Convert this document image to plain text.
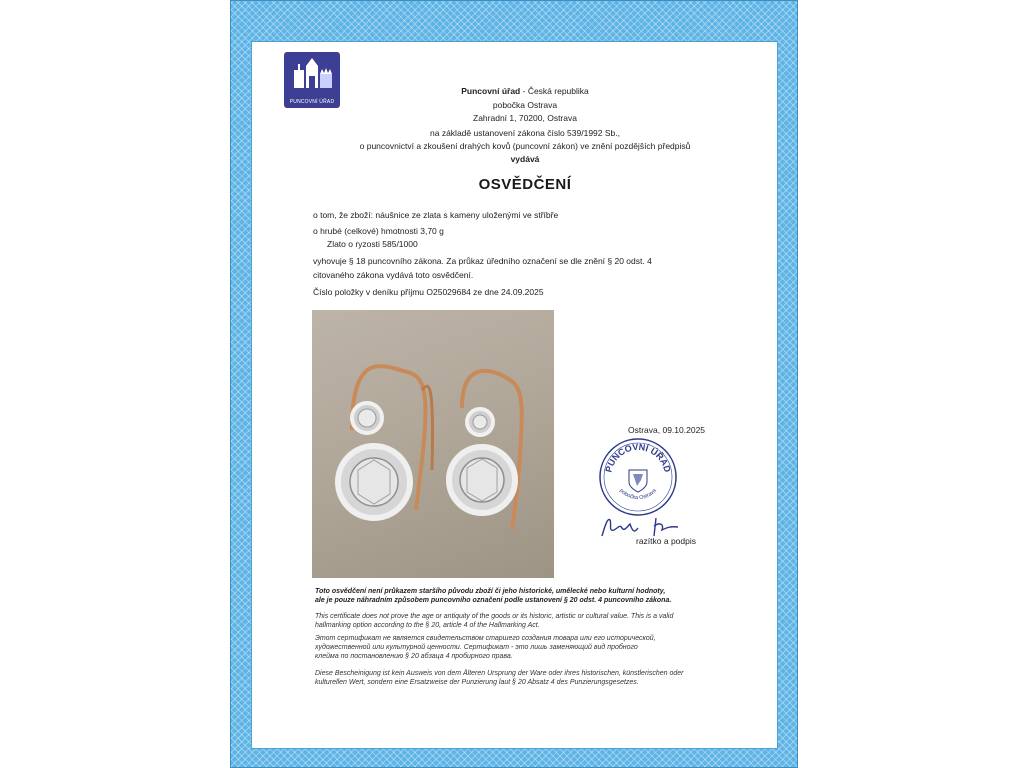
PUNCOVNÍ ÚŘAD
Puncovní úřad - Česká republika
pobočka Ostrava
Zahradní 1, 70200, Ostrava
na základě ustanovení zákona číslo 539/1992 Sb.,
o puncovnictví a zkoušení drahých kovů (puncovní zákon) ve znění pozdějších předpisů
vydává
OSVĚDČENÍ
o tom, že zboží: náušnice ze zlata s kameny uloženými ve stříbře
o hrubé (celkové) hmotnosti 3,70 g
Zlato o ryzosti 585/1000
vyhovuje § 18 puncovního zákona. Za průkaz úředního označení se dle znění § 20 odst. 4
citovaného zákona vydává toto osvědčení.
Číslo položky v deníku příjmu O25029684 ze dne 24.09.2025
Ostrava, 09.10.2025
PUNCOVNÍ ÚŘAD
pobočka Ostrava
razítko a podpis
Toto osvědčení není průkazem staršího původu zboží či jeho historické, umělecké nebo kulturní hodnoty,
ale je pouze náhradním způsobem puncovního označení podle ustanovení § 20 odst. 4 puncovního zákona.
This certificate does not prove the age or antiquity of the goods or its historic, artistic or cultural value. This is a valid
hallmarking option according to the § 20, article 4 of the Hallmarking Act.
Этот сертификат не является свидетельством старшего создания товара или его исторической,
художественной или культурной ценности. Сертификат - это лишь заменяющий вид пробного
клейма по постановлению § 20 абзаца 4 пробирного права.
Diese Bescheinigung ist kein Ausweis von dem Älteren Ursprung der Ware oder ihres historischen, künstlerischen oder
kulturellen Wert, sondern eine Ersatzweise der Punzierung laut § 20 Absatz 4 des Punzierungsgesetzes.
